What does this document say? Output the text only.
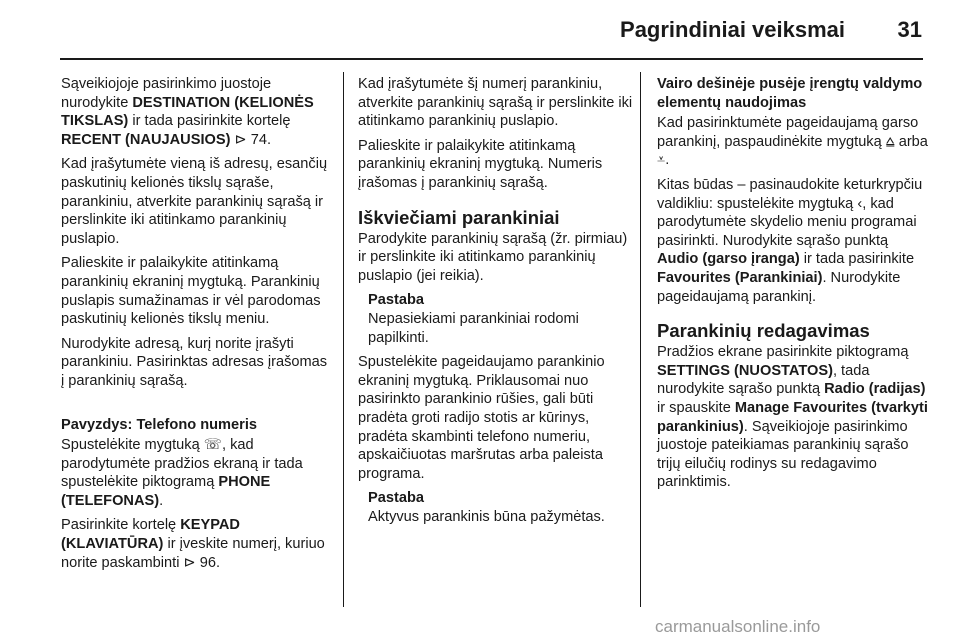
Pagrindiniai veiksmai 31

Sąveikiojoje pasirinkimo juostoje nurodykite DESTINATION (KELIONĖS TIKSLAS) ir tada pasirinkite kortelę RECENT (NAUJAUSIOS) ⊳ 74.

Kad įrašytumėte vieną iš adresų, esančių paskutinių kelionės tikslų sąraše, parankiniu, atverkite parankinių sąrašą ir perslinkite iki atitinkamo parankinių puslapio.

Palieskite ir palaikykite atitinkamą parankinių ekraninį mygtuką. Parankinių puslapis sumažinamas ir vėl parodomas paskutinių kelionės tikslų meniu.

Nurodykite adresą, kurį norite įrašyti parankiniu. Pasirinktas adresas įrašomas į parankinių sąrašą.

Pavyzdys: Telefono numeris

Spustelėkite mygtuką ☏, kad parodytumėte pradžios ekraną ir tada spustelėkite piktogramą PHONE (TELEFONAS).

Pasirinkite kortelę KEYPAD (KLAVIATŪRA) ir įveskite numerį, kuriuo norite paskambinti ⊳ 96.

Kad įrašytumėte šį numerį parankiniu, atverkite parankinių sąrašą ir perslinkite iki atitinkamo parankinių puslapio.

Palieskite ir palaikykite atitinkamą parankinių ekraninį mygtuką. Numeris įrašomas į parankinių sąrašą.

Iškviečiami parankiniai

Parodykite parankinių sąrašą (žr. pirmiau) ir perslinkite iki atitinkamo parankinių puslapio (jei reikia).

Pastaba
Nepasiekiami parankiniai rodomi papilkinti.

Spustelėkite pageidaujamo parankinio ekraninį mygtuką. Priklausomai nuo pasirinkto parankinio rūšies, gali būti pradėta groti radijo stotis ar kūrinys, pradėta skambinti telefono numeriu, apskaičiuotas maršrutas arba paleista programa.

Pastaba
Aktyvus parankinis būna pažymėtas.
Vairo dešinėje pusėje įrengtų valdymo elementų naudojimas

Kad pasirinktumėte pageidaujamą garso parankinį, paspaudinėkite mygtuką ⩠ arba ⩡.

Kitas būdas – pasinaudokite keturkrypčiu valdikliu: spustelėkite mygtuką ‹, kad parodytumėte skydelio meniu programai pasirinkti. Nurodykite sąrašo punktą Audio (garso įranga) ir tada pasirinkite Favourites (Parankiniai). Nurodykite pageidaujamą parankinį.

Parankinių redagavimas

Pradžios ekrane pasirinkite piktogramą SETTINGS (NUOSTATOS), tada nurodykite sąrašo punktą Radio (radijas) ir spauskite Manage Favourites (tvarkyti parankinius). Sąveikiojoje pasirinkimo juostoje pateikiamas parankinių sąrašo trijų eilučių rodinys su redagavimo parinktimis.

carmanualsonline.info
